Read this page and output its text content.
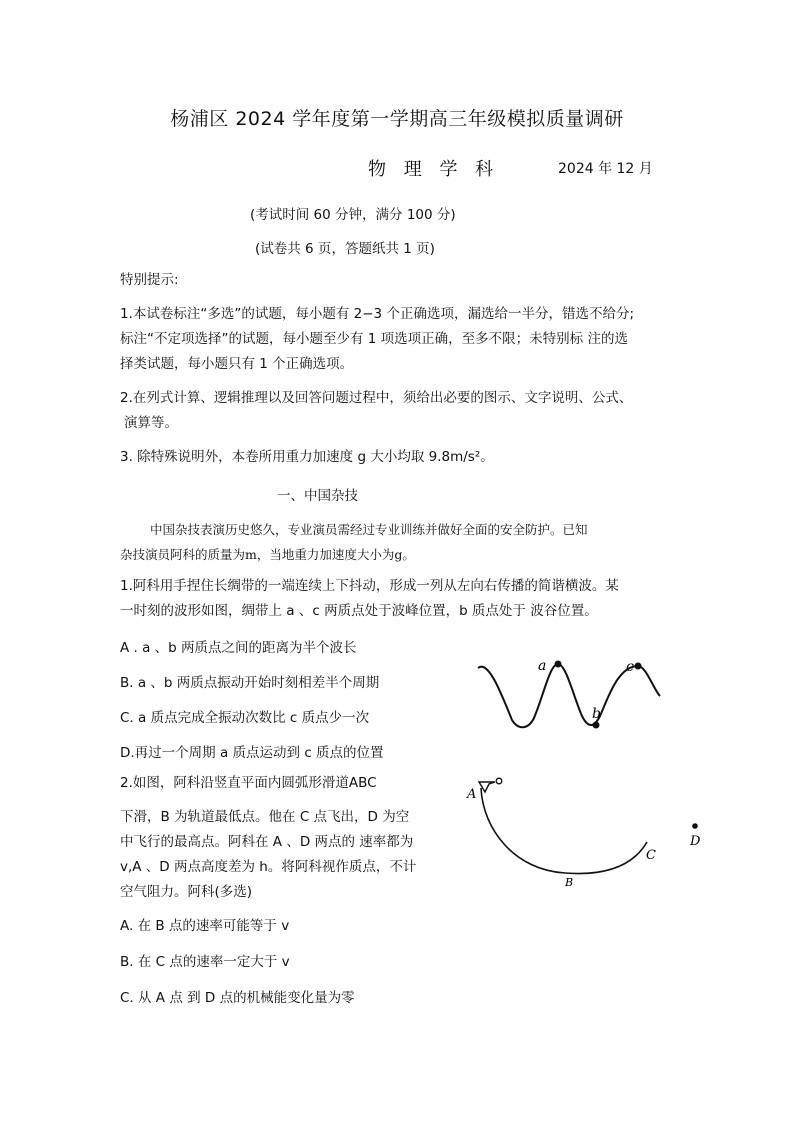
杨浦区 2024 学年度第一学期高三年级模拟质量调研
物 理 学 科	2024 年 12 月
(考试时间 60 分钟，满分 100 分)
(试卷共 6 页，答题纸共 1 页)
特别提示:
1.本试卷标注“多选”的试题，每小题有 2−3 个正确选项，漏选给一半分，错选不给分;
标注“不定项选择”的试题，每小题至少有 1 项选项正确，至多不限；未特别标 注的选
择类试题，每小题只有 1 个正确选项。
2.在列式计算、逻辑推理以及回答问题过程中，须给出必要的图示、文字说明、公式、
演算等。
3. 除特殊说明外，本卷所用重力加速度 g 大小均取 9.8m/s²。
一、中国杂技
中国杂技表演历史悠久，专业演员需经过专业训练并做好全面的安全防护。已知
杂技演员阿科的质量为m，当地重力加速度大小为g。
1.阿科用手捏住长绸带的一端连续上下抖动，形成一列从左向右传播的简谐横波。某
一时刻的波形如图，绸带上 a 、c 两质点处于波峰位置，b 质点处于 波谷位置。
A . a 、b 两质点之间的距离为半个波长
B. a 、b 两质点振动开始时刻相差半个周期
C. a 质点完成全振动次数比 c 质点少一次
D.再过一个周期 a 质点运动到 c 质点的位置
a
b
c
2.如图，阿科沿竖直平面内圆弧形滑道ABC
下滑，B 为轨道最低点。他在 C 点飞出，D 为空
中飞行的最高点。阿科在 A 、D 两点的 速率都为
v,A 、D 两点高度差为 h。将阿科视作质点，不计
空气阻力。阿科(多选)
A. 在 B 点的速率可能等于 v
B. 在 C 点的速率一定大于 v
C. 从 A 点 到 D 点的机械能变化量为零
A
B
C
D
